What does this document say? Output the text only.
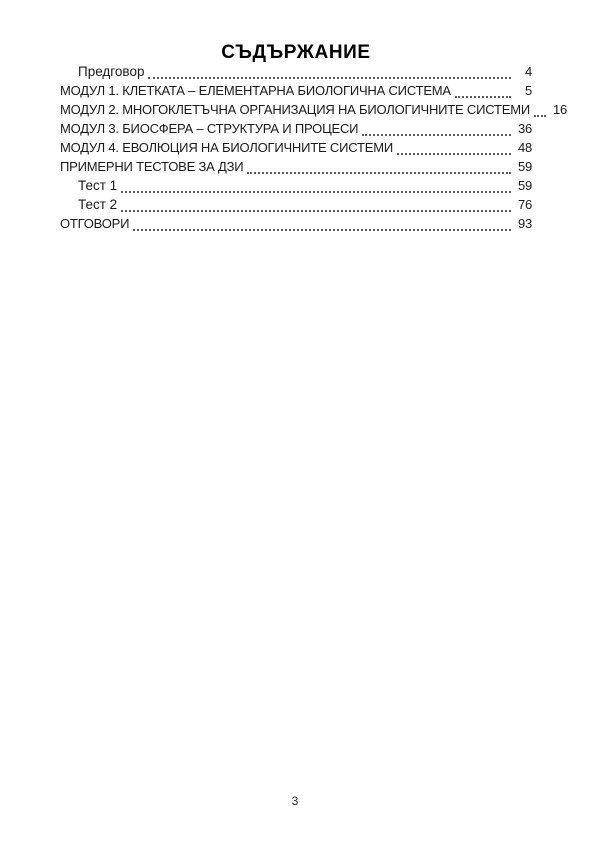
СЪДЪРЖАНИЕ
Предговор	4
МОДУЛ 1. КЛЕТКАТА – ЕЛЕМЕНТАРНА БИОЛОГИЧНА СИСТЕМА	5
МОДУЛ 2. МНОГОКЛЕТЪЧНА ОРГАНИЗАЦИЯ НА БИОЛОГИЧНИТЕ СИСТЕМИ 16
МОДУЛ 3. БИОСФЕРА – СТРУКТУРА И ПРОЦЕСИ	36
МОДУЛ 4. ЕВОЛЮЦИЯ НА БИОЛОГИЧНИТЕ СИСТЕМИ	48
ПРИМЕРНИ ТЕСТОВЕ ЗА ДЗИ	59
Тест 1	59
Тест 2	76
ОТГОВОРИ	93
3
